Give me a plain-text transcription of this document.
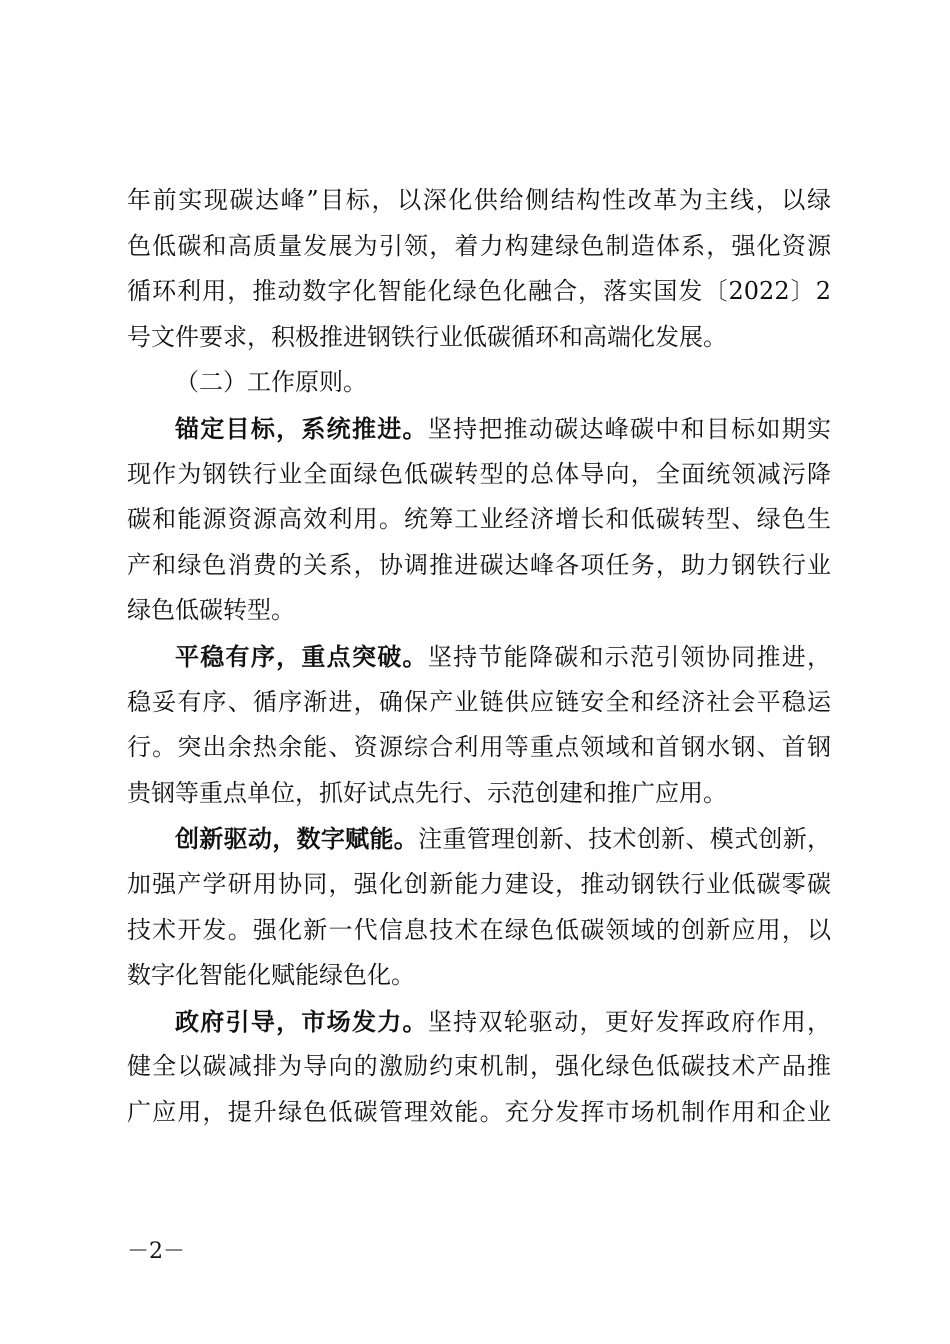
年前实现碳达峰”目标，以深化供给侧结构性改革为主线，以绿
色低碳和高质量发展为引领，着力构建绿色制造体系，强化资源
循环利用，推动数字化智能化绿色化融合，落实国发〔2022〕2
号文件要求，积极推进钢铁行业低碳循环和高端化发展。
（二）工作原则。
锚定目标，系统推进。坚持把推动碳达峰碳中和目标如期实
现作为钢铁行业全面绿色低碳转型的总体导向，全面统领减污降
碳和能源资源高效利用。统筹工业经济增长和低碳转型、绿色生
产和绿色消费的关系，协调推进碳达峰各项任务，助力钢铁行业
绿色低碳转型。
平稳有序，重点突破。坚持节能降碳和示范引领协同推进，
稳妥有序、循序渐进，确保产业链供应链安全和经济社会平稳运
行。突出余热余能、资源综合利用等重点领域和首钢水钢、首钢
贵钢等重点单位，抓好试点先行、示范创建和推广应用。
创新驱动，数字赋能。注重管理创新、技术创新、模式创新，
加强产学研用协同，强化创新能力建设，推动钢铁行业低碳零碳
技术开发。强化新一代信息技术在绿色低碳领域的创新应用，以
数字化智能化赋能绿色化。
政府引导，市场发力。坚持双轮驱动，更好发挥政府作用，
健全以碳减排为导向的激励约束机制，强化绿色低碳技术产品推
广应用，提升绿色低碳管理效能。充分发挥市场机制作用和企业
－2－
